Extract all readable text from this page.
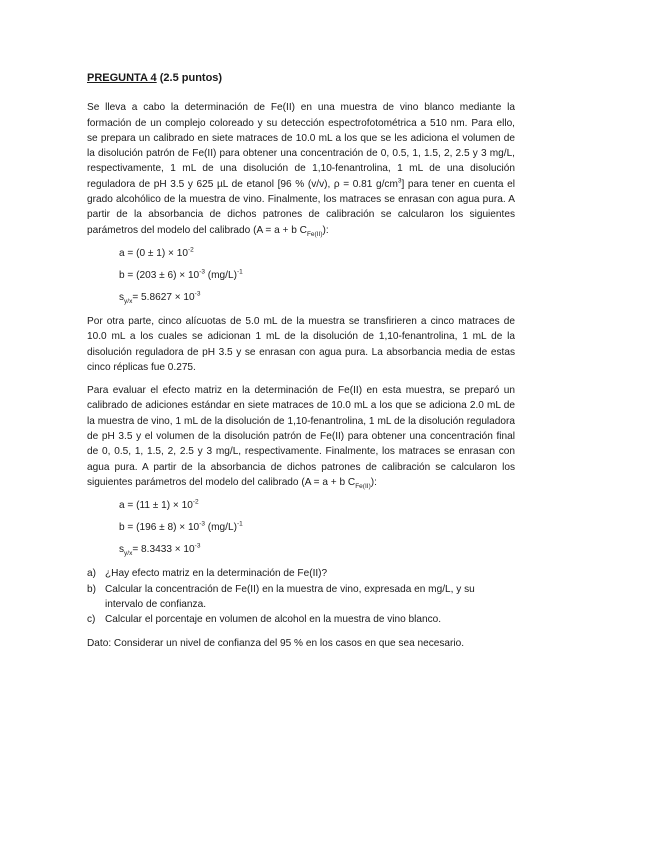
PREGUNTA 4 (2.5 puntos)

Se lleva a cabo la determinación de Fe(II) en una muestra de vino blanco mediante la formación de un complejo coloreado y su detección espectrofotométrica a 510 nm. Para ello, se prepara un calibrado en siete matraces de 10.0 mL a los que se les adiciona el volumen de la disolución patrón de Fe(II) para obtener una concentración de 0, 0.5, 1, 1.5, 2, 2.5 y 3 mg/L, respectivamente, 1 mL de una disolución de 1,10-fenantrolina, 1 mL de una disolución reguladora de pH 3.5 y 625 µL de etanol [96 % (v/v), ρ = 0.81 $g/cm^3$] para tener en cuenta el grado alcohólico de la muestra de vino. Finalmente, los matraces se enrasan con agua pura. A partir de la absorbancia de dichos patrones de calibración se calcularon los siguientes parámetros del modelo del calibrado (A = a + b $C_{Fe(II)}$):

$a = (0 \pm 1) \times 10^{-2}$
$b = (203 \pm 6) \times 10^{-3}$ $(mg/L)^{-1}$
$s_{y/x}= 5.8627 \times 10^{-3}$

Por otra parte, cinco alícuotas de 5.0 mL de la muestra se transfirieren a cinco matraces de 10.0 mL a los cuales se adicionan 1 mL de la disolución de 1,10-fenantrolina, 1 mL de la disolución reguladora de pH 3.5 y se enrasan con agua pura. La absorbancia media de estas cinco réplicas fue 0.275.

Para evaluar el efecto matriz en la determinación de Fe(II) en esta muestra, se preparó un calibrado de adiciones estándar en siete matraces de 10.0 mL a los que se adiciona 2.0 mL de la muestra de vino, 1 mL de la disolución de 1,10-fenantrolina, 1 mL de la disolución reguladora de pH 3.5 y el volumen de la disolución patrón de Fe(II) para obtener una concentración final de 0, 0.5, 1, 1.5, 2, 2.5 y 3 mg/L, respectivamente. Finalmente, los matraces se enrasan con agua pura. A partir de la absorbancia de dichos patrones de calibración se calcularon los siguientes parámetros del modelo del calibrado (A = a + b $C_{Fe(II)}$):

$a = (11 \pm 1) \times 10^{-2}$
$b = (196 \pm 8) \times 10^{-3}$ $(mg/L)^{-1}$
$s_{y/x}= 8.3433 \times 10^{-3}$
a) ¿Hay efecto matriz en la determinación de Fe(II)?
b) Calcular la concentración de Fe(II) en la muestra de vino, expresada en mg/L, y su intervalo de confianza.
c) Calcular el porcentaje en volumen de alcohol en la muestra de vino blanco.

Dato: Considerar un nivel de confianza del 95 % en los casos en que sea necesario.
